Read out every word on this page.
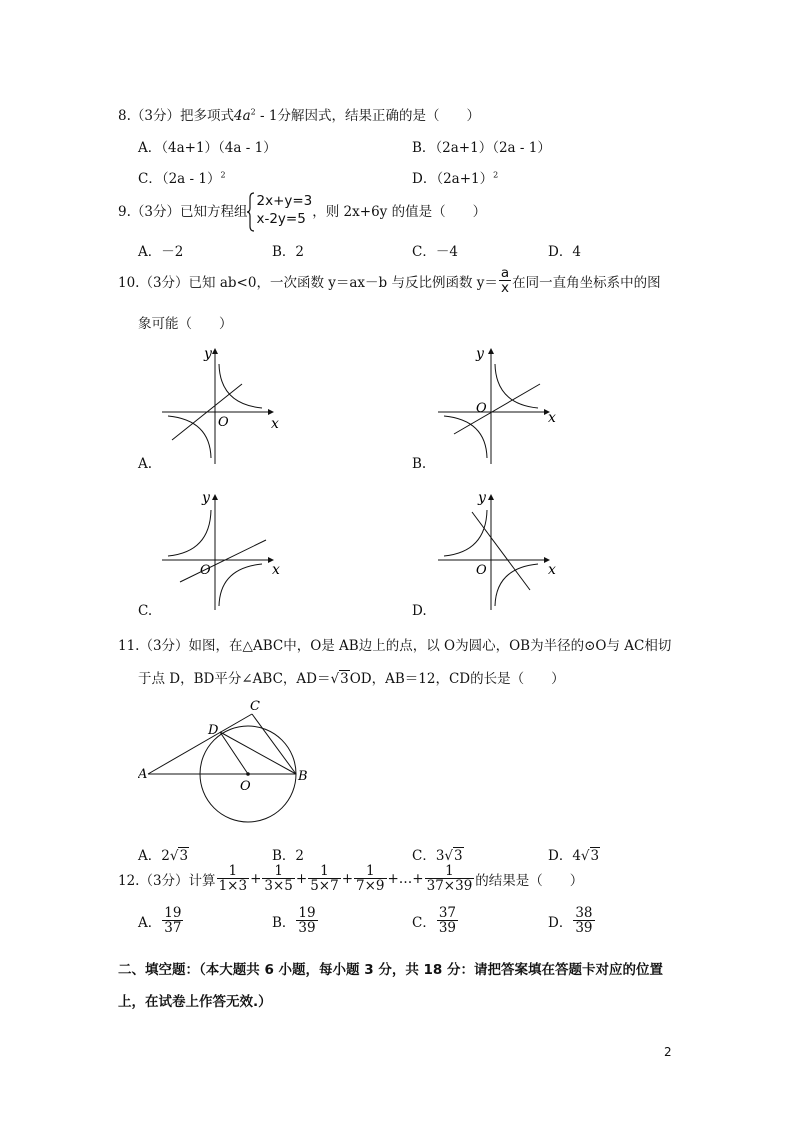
8.（3分）把多项式$4a^2 - 1$分解因式，结果正确的是（　　）
A．（4a+1）（4a - 1）	B．（2a+1）（2a - 1）
C．（2a - 1）$^2$	D．$(2a+1)^2$
9.（3分）已知方程组
2x+y=3
x-2y=5 ，则 2x+6y 的值是（　　）
A．－2	B．2	C．－4	D．4
10.（3分）已知 ab<0，一次函数 y＝ax－b 与反比例函数 $y= \frac{a}{x}$ 在同一直角坐标系中的图
象可能（　　）
y
x
O
A.
y
x
O
B.
y
x
O
C.
y
x
O
D.
11.（3分）如图，在△ABC中，O是 AB边上的点，以 O为圆心，OB为半径的⊙O与 AC相切
于点 D，BD平分∠ABC，AD＝√3OD，AB＝12，CD的长是（　　）
A	B
C
D
O
A．2√3	B．2	C．3√3	D．4√3
12.（3分）计算 $\frac{1}{1\times 3} + \frac{1}{3\times 5} + \frac{1}{5\times 7} + \frac{1}{7\times 9}$ +…+ $\frac{1}{37\times 39}$ 的结果是（　　）
A． $\frac{19}{37}$	B． $\frac{19}{39}$	C． $\frac{37}{39}$	D． $\frac{38}{39}$
二、填空题：（本大题共 6 小题，每小题 3 分，共 18 分：请把答案填在答题卡对应的位置
上，在试卷上作答无效.）
2
